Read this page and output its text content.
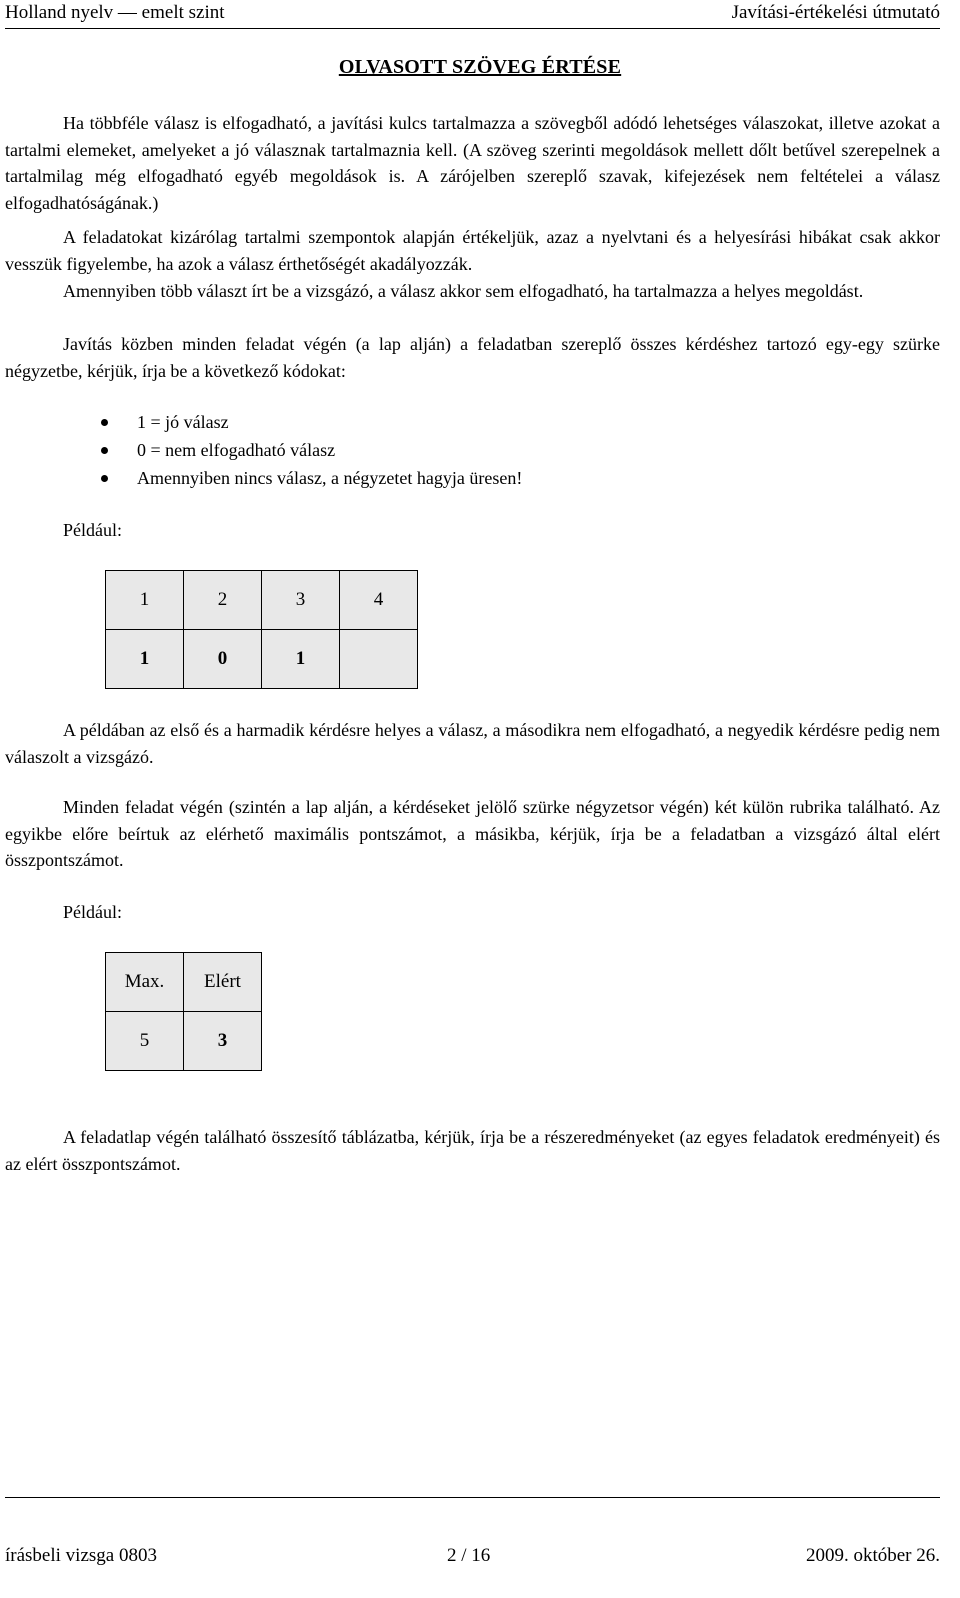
Holland nyelv — emelt szint	Javítási-értékelési útmutató
OLVASOTT SZÖVEG ÉRTÉSE

Ha többféle válasz is elfogadható, a javítási kulcs tartalmazza a szövegből adódó lehetséges válaszokat, illetve azokat a tartalmi elemeket, amelyeket a jó válasznak tartalmaznia kell. (A szöveg szerinti megoldások mellett dőlt betűvel szerepelnek a tartalmilag még elfogadható egyéb megoldások is. A zárójelben szereplő szavak, kifejezések nem feltételei a válasz elfogadhatóságának.)

A feladatokat kizárólag tartalmi szempontok alapján értékeljük, azaz a nyelvtani és a helyesírási hibákat csak akkor vesszük figyelembe, ha azok a válasz érthetőségét akadályozzák.

Amennyiben több választ írt be a vizsgázó, a válasz akkor sem elfogadható, ha tartalmazza a helyes megoldást.

Javítás közben minden feladat végén (a lap alján) a feladatban szereplő összes kérdéshez tartozó egy-egy szürke négyzetbe, kérjük, írja be a következő kódokat:

1 = jó válasz
0 = nem elfogadható válasz
Amennyiben nincs válasz, a négyzetet hagyja üresen!
Például:
1	2	3	4
1	0	1	

A példában az első és a harmadik kérdésre helyes a válasz, a másodikra nem elfogadható, a negyedik kérdésre pedig nem válaszolt a vizsgázó.

Minden feladat végén (szintén a lap alján, a kérdéseket jelölő szürke négyzetsor végén) két külön rubrika található. Az egyikbe előre beírtuk az elérhető maximális pontszámot, a másikba, kérjük, írja be a feladatban a vizsgázó által elért összpontszámot.

Például:
Max.	Elért
5	3

A feladatlap végén található összesítő táblázatba, kérjük, írja be a részeredményeket (az egyes feladatok eredményeit) és az elért összpontszámot.

írásbeli vizsga 0803	2 / 16	2009. október 26.
